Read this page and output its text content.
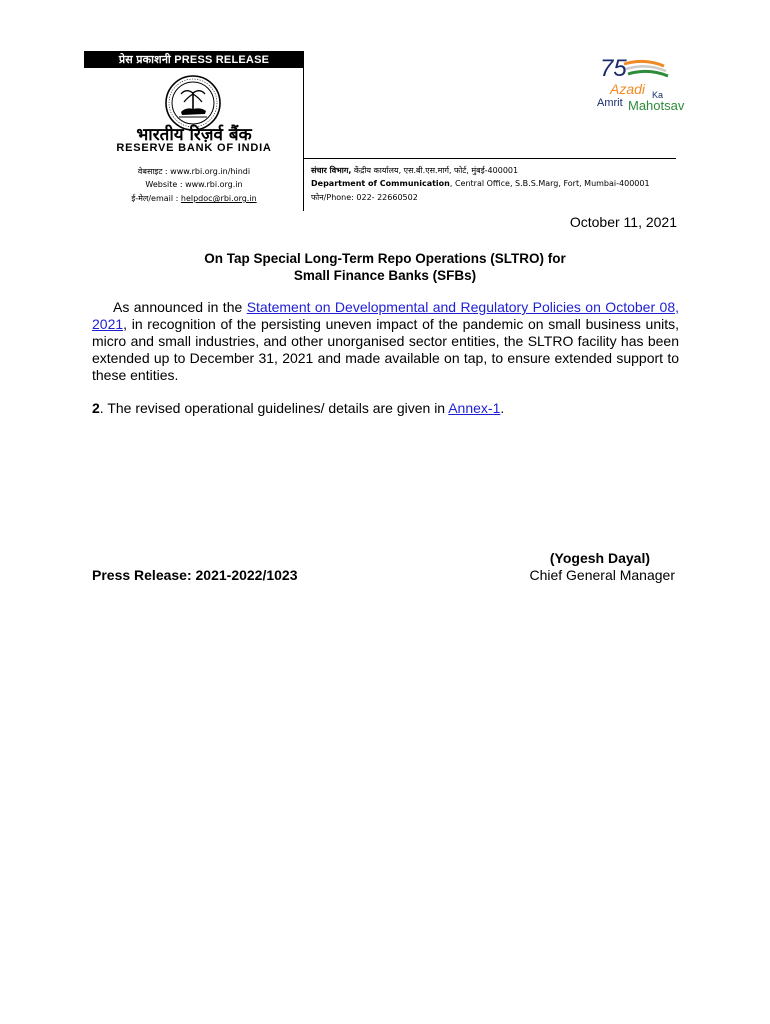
प्रेस प्रकाशनी PRESS RELEASE
भारतीय रिज़र्व बैंक
RESERVE BANK OF INDIA
वेबसाइट : www.rbi.org.in/hindi
Website : www.rbi.org.in
ई-मेल/email : helpdoc@rbi.org.in
संचार विभाग, केंद्रीय कार्यालय, एस.बी.एस.मार्ग, फोर्ट, मुंबई-400001
Department of Communication, Central Office, S.B.S.Marg, Fort, Mumbai-400001
फोन/Phone: 022- 22660502
75
Azadi Ka
Amrit Mahotsav
October 11, 2021
On Tap Special Long-Term Repo Operations (SLTRO) for
Small Finance Banks (SFBs)
As announced in the Statement on Developmental and Regulatory Policies on October 08, 2021, in recognition of the persisting uneven impact of the pandemic on small business units, micro and small industries, and other unorganised sector entities, the SLTRO facility has been extended up to December 31, 2021 and made available on tap, to ensure extended support to these entities.
2. The revised operational guidelines/ details are given in Annex-1.
(Yogesh Dayal)
Chief General Manager
Press Release: 2021-2022/1023
